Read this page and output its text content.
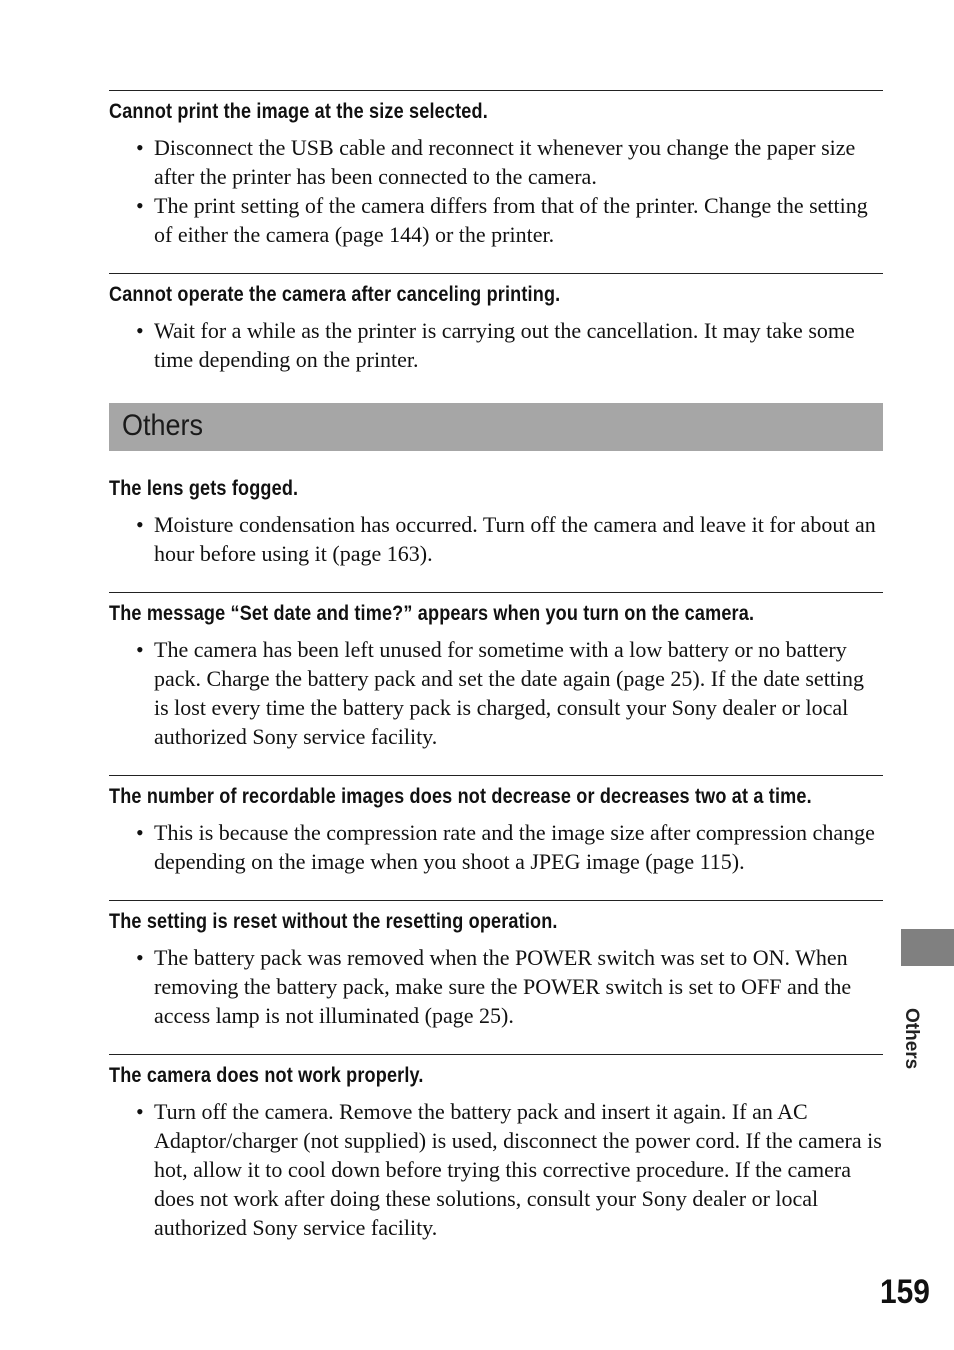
Cannot print the image at the size selected.
• Disconnect the USB cable and reconnect it whenever you change the paper size after the printer has been connected to the camera.
• The print setting of the camera differs from that of the printer. Change the setting of either the camera (page 144) or the printer.
Cannot operate the camera after canceling printing.
• Wait for a while as the printer is carrying out the cancellation. It may take some time depending on the printer.
Others
The lens gets fogged.
• Moisture condensation has occurred. Turn off the camera and leave it for about an hour before using it (page 163).
The message “Set date and time?” appears when you turn on the camera.
• The camera has been left unused for sometime with a low battery or no battery pack. Charge the battery pack and set the date again (page 25). If the date setting is lost every time the battery pack is charged, consult your Sony dealer or local authorized Sony service facility.
The number of recordable images does not decrease or decreases two at a time.
• This is because the compression rate and the image size after compression change depending on the image when you shoot a JPEG image (page 115).
The setting is reset without the resetting operation.
• The battery pack was removed when the POWER switch was set to ON. When removing the battery pack, make sure the POWER switch is set to OFF and the access lamp is not illuminated (page 25).
The camera does not work properly.
• Turn off the camera. Remove the battery pack and insert it again. If an AC Adaptor/charger (not supplied) is used, disconnect the power cord. If the camera is hot, allow it to cool down before trying this corrective procedure. If the camera does not work after doing these solutions, consult your Sony dealer or local authorized Sony service facility.
Others
159
